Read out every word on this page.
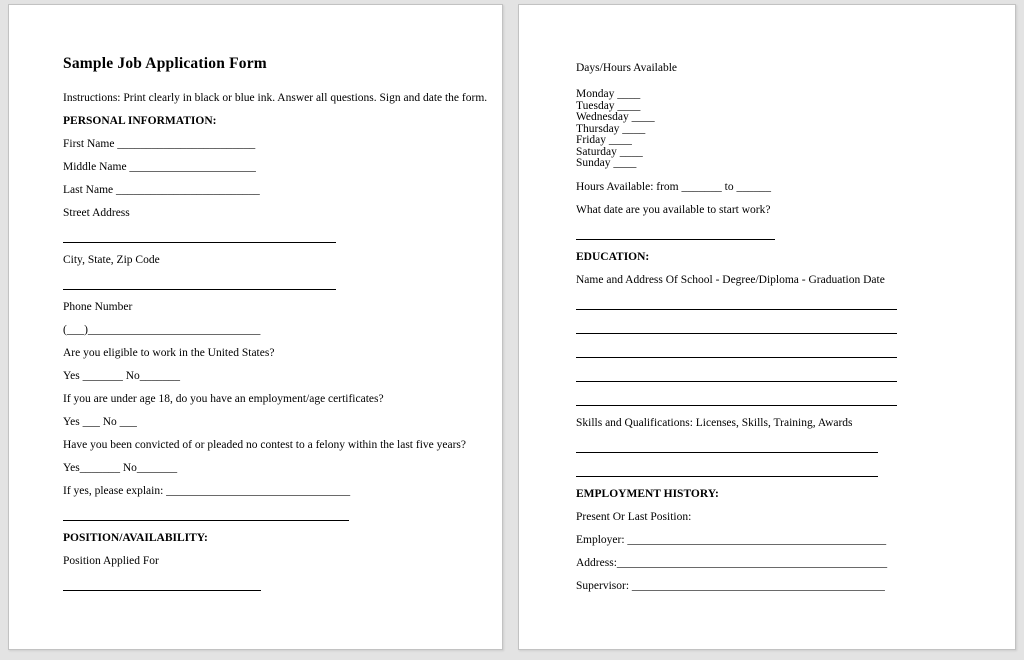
Sample Job Application Form

Instructions: Print clearly in black or blue ink. Answer all questions. Sign and date the form.

PERSONAL INFORMATION:

First Name ________________________

Middle Name ______________________

Last Name _________________________

Street Address

City, State, Zip Code

Phone Number

(___)______________________________

Are you eligible to work in the United States?

Yes _______ No_______

If you are under age 18, do you have an employment/age certificates?

Yes ___ No ___

Have you been convicted of or pleaded no contest to a felony within the last five years?

Yes_______ No_______

If yes, please explain: ________________________________

POSITION/AVAILABILITY:

Position Applied For

Days/Hours Available

Monday ____
Tuesday ____
Wednesday ____
Thursday ____
Friday ____
Saturday ____
Sunday ____

Hours Available: from _______ to ______

What date are you available to start work?

EDUCATION:

Name and Address Of School - Degree/Diploma - Graduation Date

Skills and Qualifications: Licenses, Skills, Training, Awards

EMPLOYMENT HISTORY:

Present Or Last Position:

Employer: _____________________________________________

Address:_______________________________________________

Supervisor: ____________________________________________
